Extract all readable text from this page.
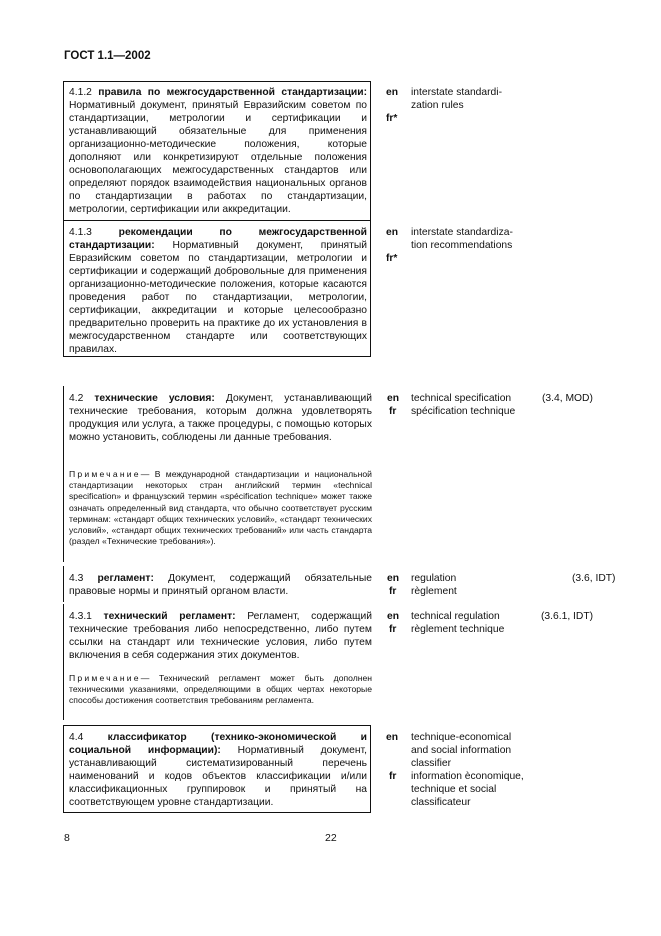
ГОСТ 1.1—2002
4.1.2 правила по межгосударственной стандартизации: Нормативный документ, принятый Евразийским советом по стандартизации, метрологии и сертификации и устанавливающий обязательные для применения организационно-методические положения, которые дополняют или конкретизируют отдельные положения основополагающих межгосударственных стандартов или определяют порядок взаимодействия национальных органов по стандартизации в работах по стандартизации, метрологии, сертификации или аккредитации.
en
fr*
interstate standardi-zation rules
4.1.3	рекомендации по межгосударственной стандартизации: Нормативный документ, принятый Евразийским советом по стандартизации, метрологии и сертификации и содержащий добровольные для применения организационно-методические положения, которые касаются проведения работ по стандартизации, метрологии, сертификации, аккредитации и которые целесообразно предварительно проверить на практике до их установления в межгосударственном стандарте или соответствующих правилах.
en
fr*
interstate standardiza-tion recommendations
4.2 технические условия: Документ, устанавливающий технические требования, которым должна удовлетворять продукция или услуга, а также процедуры, с помощью которых можно установить, соблюдены ли данные требования.
Примечание— В международной стандартизации и национальной стандартизации некоторых стран английский термин «technical specification» и французский термин «spécification technique» может также означать определенный вид стандарта, что обычно соответствует русским терминам: «стандарт общих технических условий», «стандарт технических условий», «стандарт общих технических требований» или часть стандарта (раздел «Технические требования»).
en
fr
technical specification
spécification technique
(3.4, MOD)
4.3 регламент: Документ, содержащий обязательные правовые нормы и принятый органом власти.
en
fr
regulation
règlement
(3.6, IDT)
4.3.1 технический регламент: Регламент, содержащий технические требования либо непосредственно, либо путем ссылки на стандарт или технические условия, либо путем включения в себя содержания этих документов.
Примечание— Технический регламент может быть дополнен техническими указаниями, определяющими в общих чертах некоторые способы достижения соответствия требованиям регламента.
en
fr
technical regulation
règlement technique
(3.6.1, IDT)
4.4 классификатор (технико-экономической и социальной информации): Нормативный документ, устанавливающий систематизированный перечень наименований и кодов объектов классификации и/или классификационных группировок и принятый на соответствующем уровне стандартизации.
en
fr
technique-economical and social information classifier
information èconomique, technique et social classificateur
8	22
